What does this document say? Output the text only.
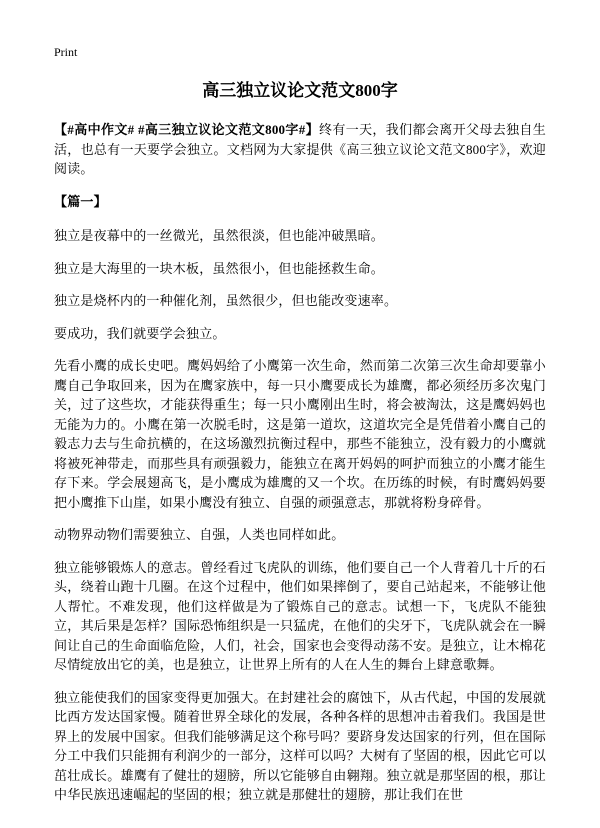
Print
高三独立议论文范文800字

【#高中作文# #高三独立议论文范文800字#】终有一天，我们都会离开父母去独自生活，也总有一天要学会独立。文档网为大家提供《高三独立议论文范文800字》，欢迎阅读。

【篇一】

独立是夜幕中的一丝微光，虽然很淡，但也能冲破黑暗。

独立是大海里的一块木板，虽然很小，但也能拯救生命。

独立是烧杯内的一种催化剂，虽然很少，但也能改变速率。

要成功，我们就要学会独立。

先看小鹰的成长史吧。鹰妈妈给了小鹰第一次生命，然而第二次第三次生命却要靠小鹰自己争取回来，因为在鹰家族中，每一只小鹰要成长为雄鹰，都必须经历多次鬼门关，过了这些坎，才能获得重生；每一只小鹰刚出生时，将会被淘汰，这是鹰妈妈也无能为力的。小鹰在第一次脱毛时，这是第一道坎，这道坎完全是凭借着小鹰自己的毅志力去与生命抗横的，在这场激烈抗衡过程中，那些不能独立，没有毅力的小鹰就将被死神带走，而那些具有顽强毅力，能独立在离开妈妈的呵护而独立的小鹰才能生存下来。学会展翅高飞，是小鹰成为雄鹰的又一个坎。在历练的时候，有时鹰妈妈要把小鹰推下山崖，如果小鹰没有独立、自强的顽强意志，那就将粉身碎骨。

动物界动物们需要独立、自强，人类也同样如此。

独立能够锻炼人的意志。曾经看过飞虎队的训练，他们要自己一个人背着几十斤的石头，绕着山跑十几圈。在这个过程中，他们如果摔倒了，要自己站起来，不能够让他人帮忙。不难发现，他们这样做是为了锻炼自己的意志。试想一下，飞虎队不能独立，其后果是怎样？国际恐怖组织是一只猛虎，在他们的尖牙下，飞虎队就会在一瞬间让自己的生命面临危险，人们，社会，国家也会变得动荡不安。是独立，让木棉花尽情绽放出它的美，也是独立，让世界上所有的人在人生的舞台上肆意歌舞。

独立能使我们的国家变得更加强大。在封建社会的腐蚀下，从古代起，中国的发展就比西方发达国家慢。随着世界全球化的发展，各种各样的思想冲击着我们。我国是世界上的发展中国家。但我们能够满足这个称号吗？要跻身发达国家的行列，但在国际分工中我们只能拥有利润少的一部分，这样可以吗？大树有了坚固的根，因此它可以茁壮成长。雄鹰有了健壮的翅膀，所以它能够自由翱翔。独立就是那坚固的根，那让中华民族迅速崛起的坚固的根；独立就是那健壮的翅膀，那让我们在世
